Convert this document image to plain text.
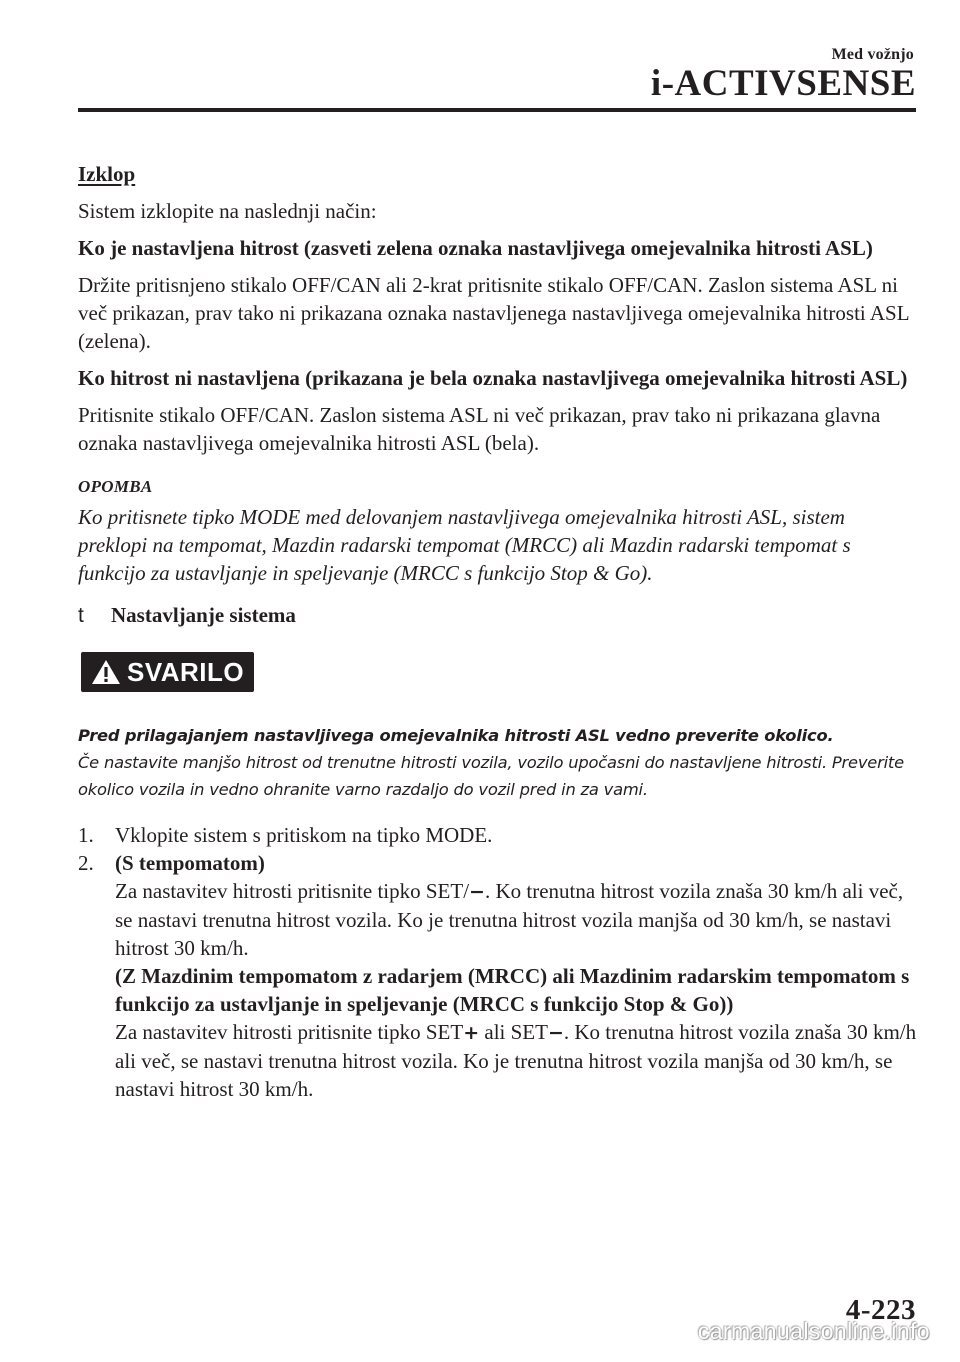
Med vožnjo
i-ACTIVSENSE
Izklop
Sistem izklopite na naslednji način:
Ko je nastavljena hitrost (zasveti zelena oznaka nastavljivega omejevalnika hitrosti ASL)
Držite pritisnjeno stikalo OFF/CAN ali 2-krat pritisnite stikalo OFF/CAN. Zaslon sistema ASL ni več prikazan, prav tako ni prikazana oznaka nastavljenega nastavljivega omejevalnika hitrosti ASL (zelena).
Ko hitrost ni nastavljena (prikazana je bela oznaka nastavljivega omejevalnika hitrosti ASL)
Pritisnite stikalo OFF/CAN. Zaslon sistema ASL ni več prikazan, prav tako ni prikazana glavna oznaka nastavljivega omejevalnika hitrosti ASL (bela).
OPOMBA
Ko pritisnete tipko MODE med delovanjem nastavljivega omejevalnika hitrosti ASL, sistem preklopi na tempomat, Mazdin radarski tempomat (MRCC) ali Mazdin radarski tempomat s funkcijo za ustavljanje in speljevanje (MRCC s funkcijo Stop & Go).
t	Nastavljanje sistema
SVARILO
Pred prilagajanjem nastavljivega omejevalnika hitrosti ASL vedno preverite okolico.
Če nastavite manjšo hitrost od trenutne hitrosti vozila, vozilo upočasni do nastavljene hitrosti. Preverite okolico vozila in vedno ohranite varno razdaljo do vozil pred in za vami.
1.	Vklopite sistem s pritiskom na tipko MODE.
2.	(S tempomatom)
Za nastavitev hitrosti pritisnite tipko SET/−. Ko trenutna hitrost vozila znaša 30 km/h ali več, se nastavi trenutna hitrost vozila. Ko je trenutna hitrost vozila manjša od 30 km/h, se nastavi hitrost 30 km/h.
(Z Mazdinim tempomatom z radarjem (MRCC) ali Mazdinim radarskim tempomatom s funkcijo za ustavljanje in speljevanje (MRCC s funkcijo Stop & Go))
Za nastavitev hitrosti pritisnite tipko SET+ ali SET−. Ko trenutna hitrost vozila znaša 30 km/h ali več, se nastavi trenutna hitrost vozila. Ko je trenutna hitrost vozila manjša od 30 km/h, se nastavi hitrost 30 km/h.
4-223
carmanualsonline.info
